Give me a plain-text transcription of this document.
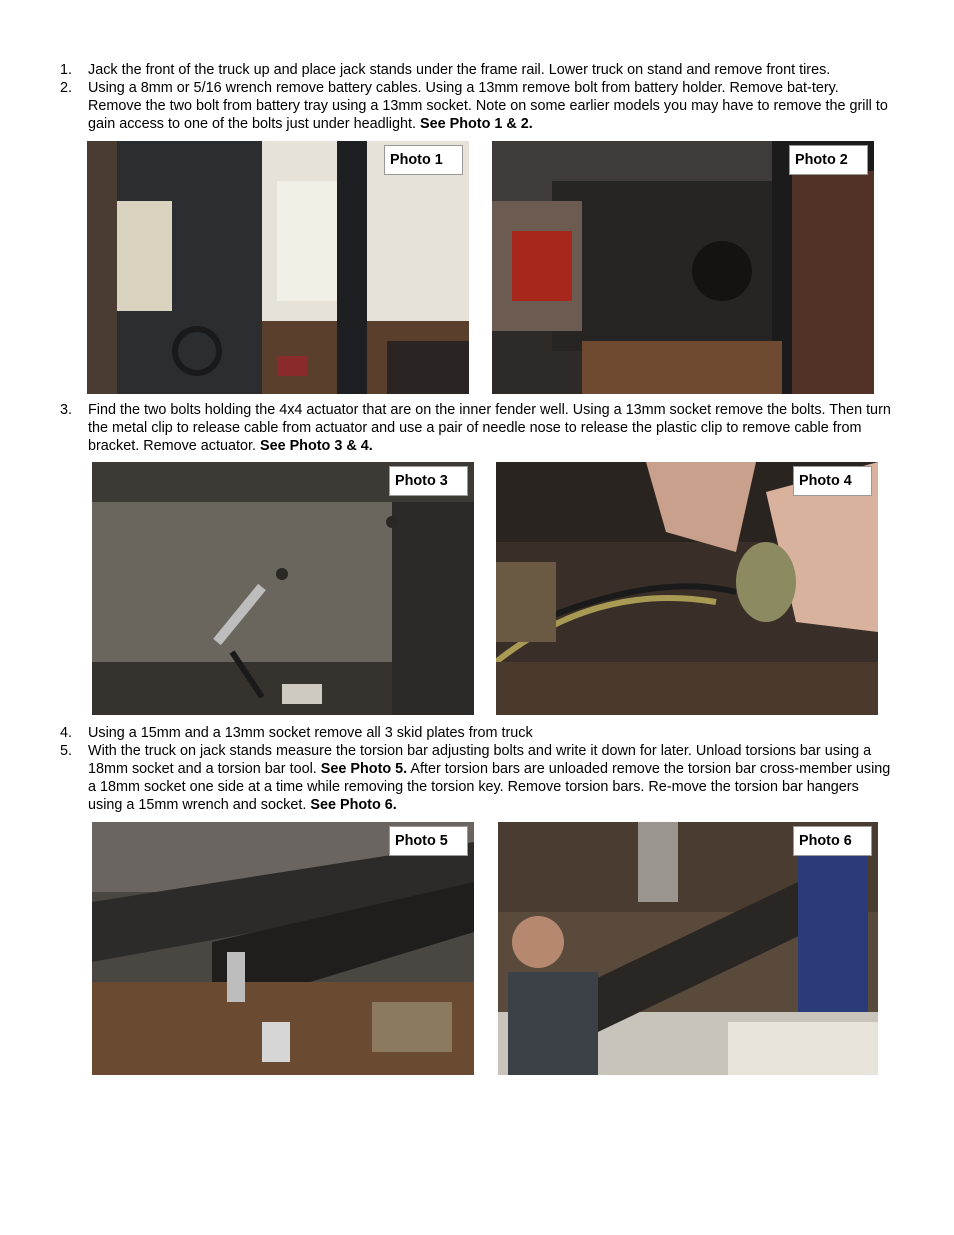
1.	Jack the front of the truck up and place jack stands under the frame rail. Lower truck on stand and remove front tires.
2.	Using a 8mm or 5/16 wrench remove battery cables. Using a 13mm remove bolt from battery holder. Remove bat-tery. Remove the two bolt from battery tray using a 13mm socket. Note on some earlier models you may have to remove the grill to gain access to one of the bolts just under headlight. See Photo 1 & 2.
Photo 1	Photo 2
3.	Find the two bolts holding the 4x4 actuator that are on the inner fender well. Using a 13mm socket remove the bolts. Then turn the metal clip to release cable from actuator and use a pair of needle nose to release the plastic clip to remove cable from bracket. Remove actuator. See Photo 3 & 4.
Photo 3	Photo 4
4.	Using a 15mm and a 13mm socket remove all 3 skid plates from truck
5.	With the truck on jack stands measure the torsion bar adjusting bolts and write it down for later. Unload torsions bar using a 18mm socket and a torsion bar tool. See Photo 5. After torsion bars are unloaded remove the torsion bar cross-member using a 18mm socket one side at a time while removing the torsion key. Remove torsion bars. Re-move the torsion bar hangers using a 15mm wrench and socket. See Photo 6.
Photo 5	Photo 6
